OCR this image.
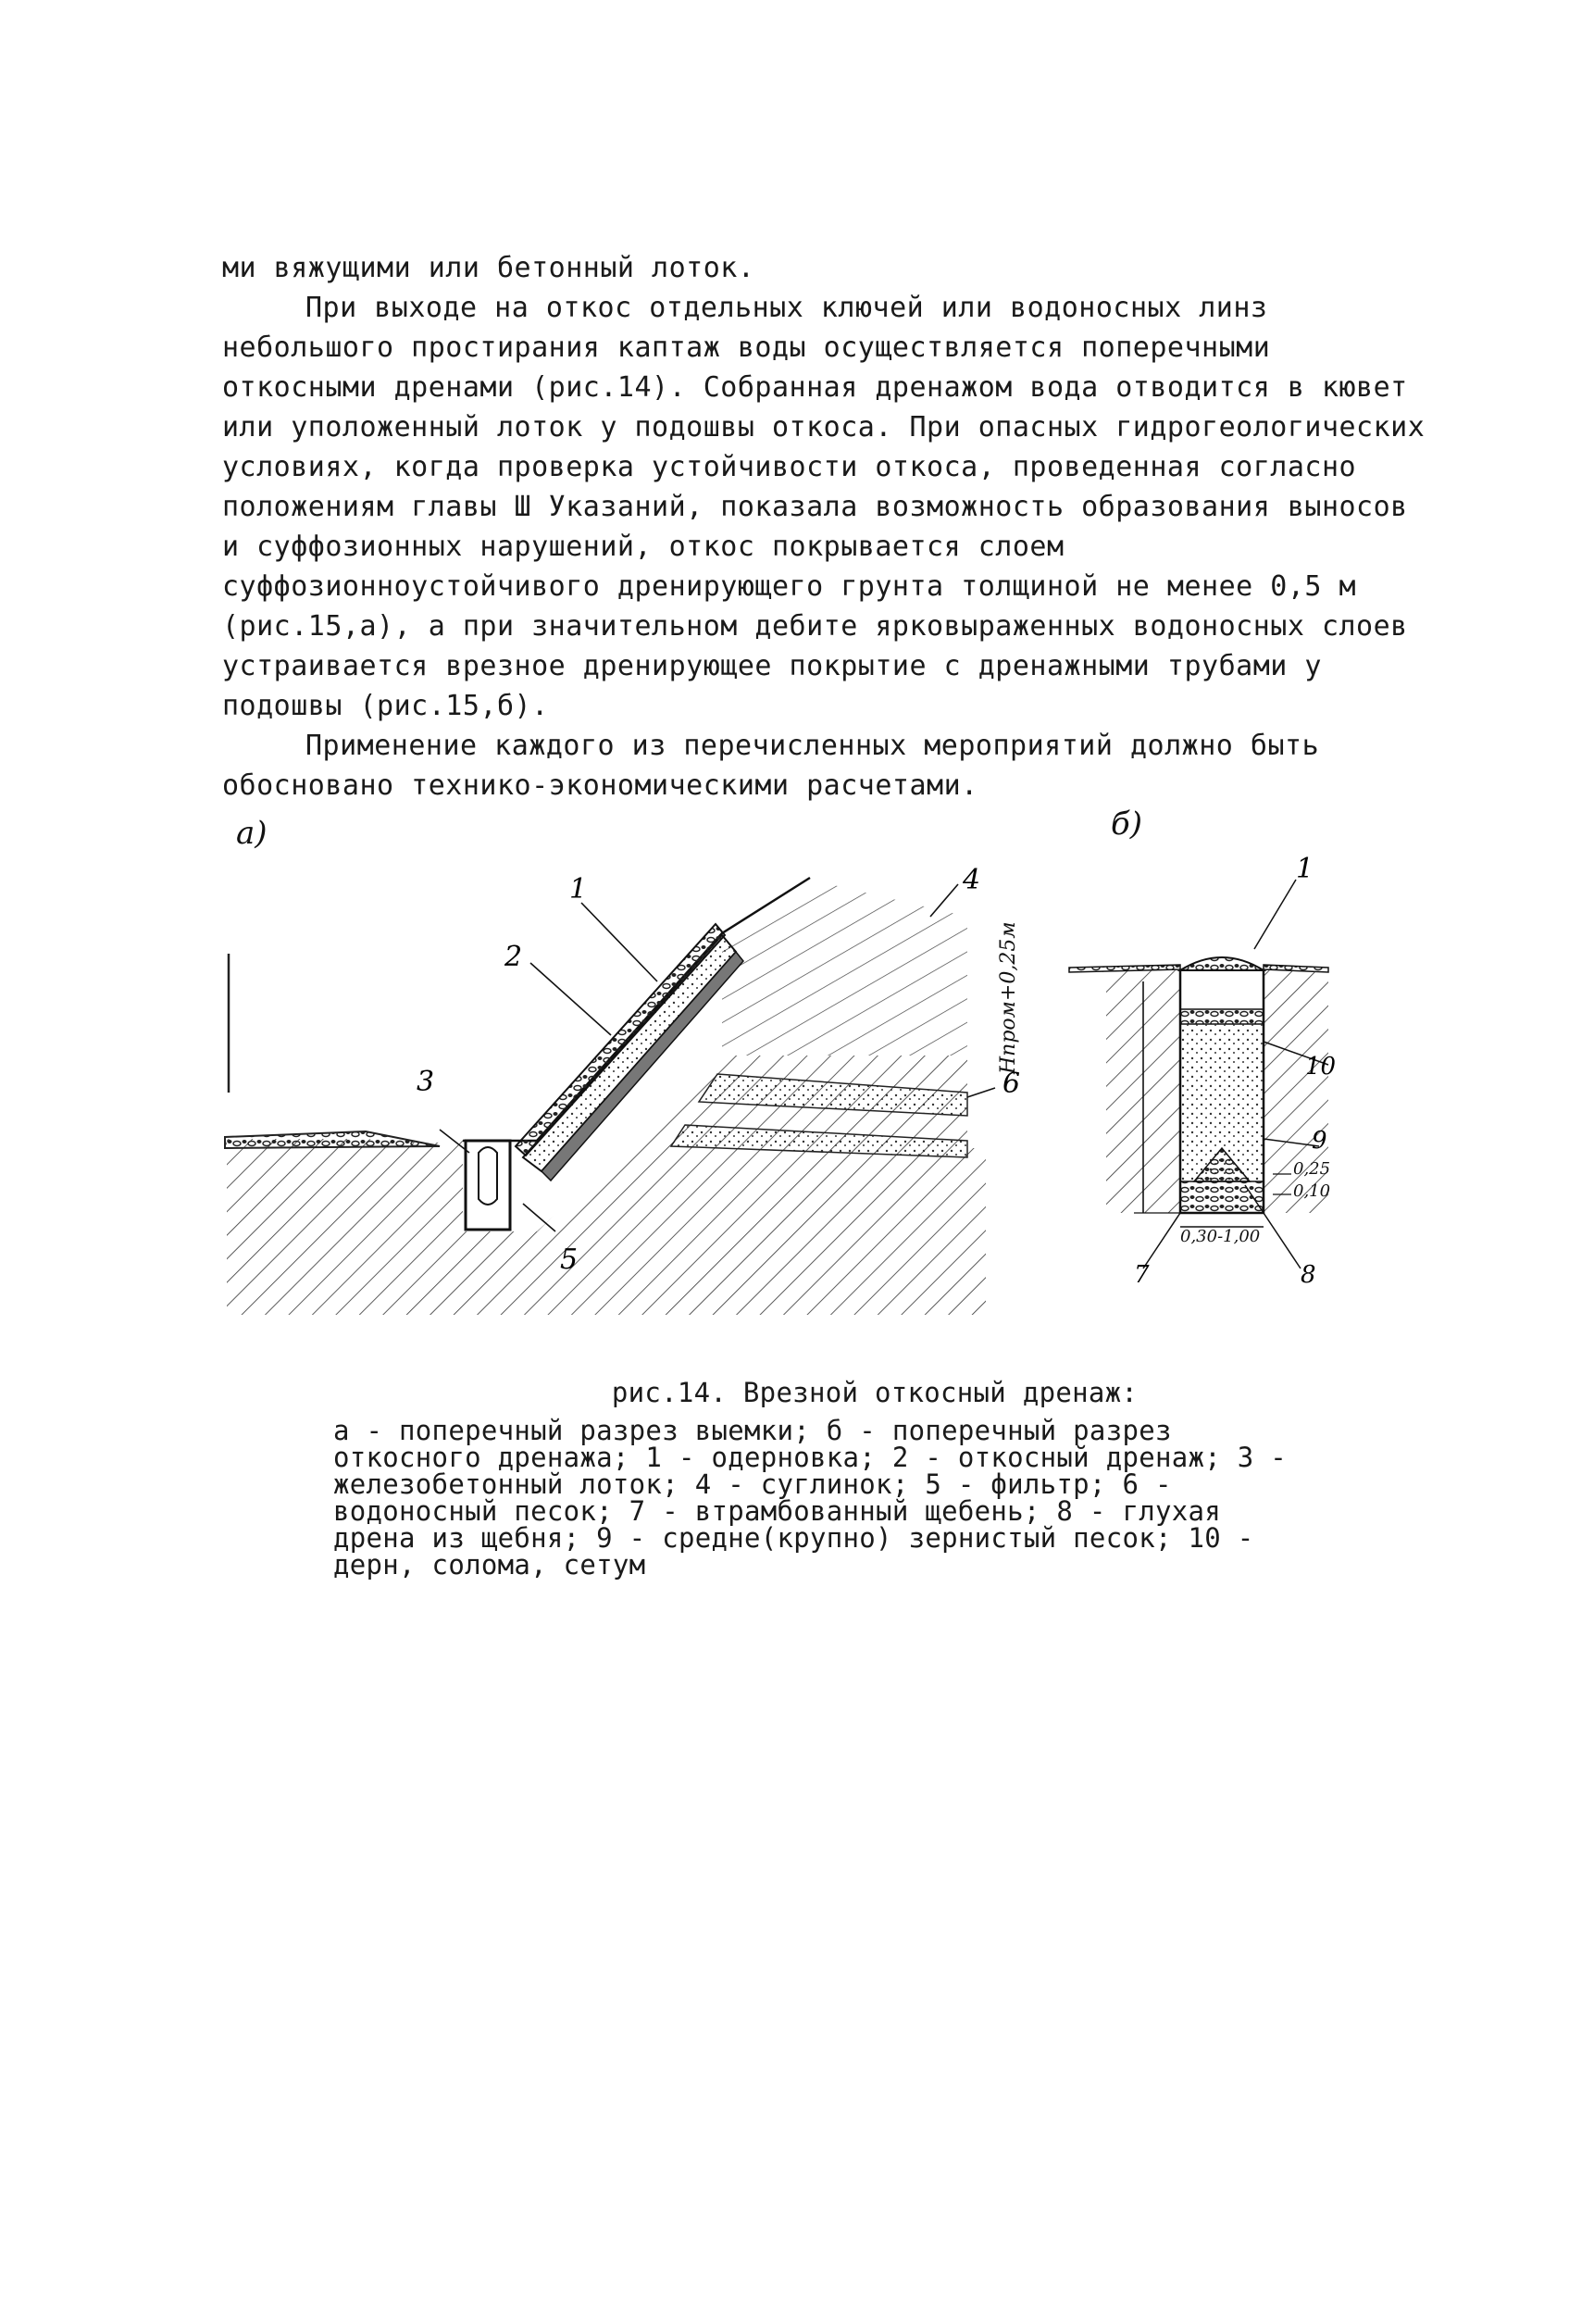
ми вяжущими или бетонный лоток.

При выходе на откос отдельных ключей или водоносных линз небольшого простирания каптаж воды осуществляется поперечными откосными дренами (рис.14). Собранная дренажом вода отводится в кювет или уположенный лоток у подошвы откоса. При опасных гидрогеологических условиях, когда проверка устойчивости откоса, проведенная согласно положениям главы Ш Указаний, показала возможность образования выносов и суффозионных нарушений, откос покрывается слоем суффозионноустойчивого дренирующего грунта толщиной не менее 0,5 м (рис.15,а), а при значительном дебите ярковыраженных водоносных слоев устраивается врезное дренирующее покрытие с дренажными трубами у подошвы (рис.15,б).

Применение каждого из перечисленных мероприятий должно быть обосновано технико-экономическими расчетами.

1
2
3
4
5
6
1
10
9
7	8
а)	б)
Нпром+0,25м
0,30-1,00
0,25
0,10
рис.14. Врезной откосный дренаж:

а - поперечный разрез выемки; б - поперечный разрез откосного дренажа; 1 - одерновка; 2 - откосный дренаж; 3 - железобетонный лоток; 4 - суглинок; 5 - фильтр; 6 - водоносный песок; 7 - втрамбованный щебень; 8 - глухая дрена из щебня; 9 - средне(крупно) зернистый песок; 10 - дерн, солома, сетум
